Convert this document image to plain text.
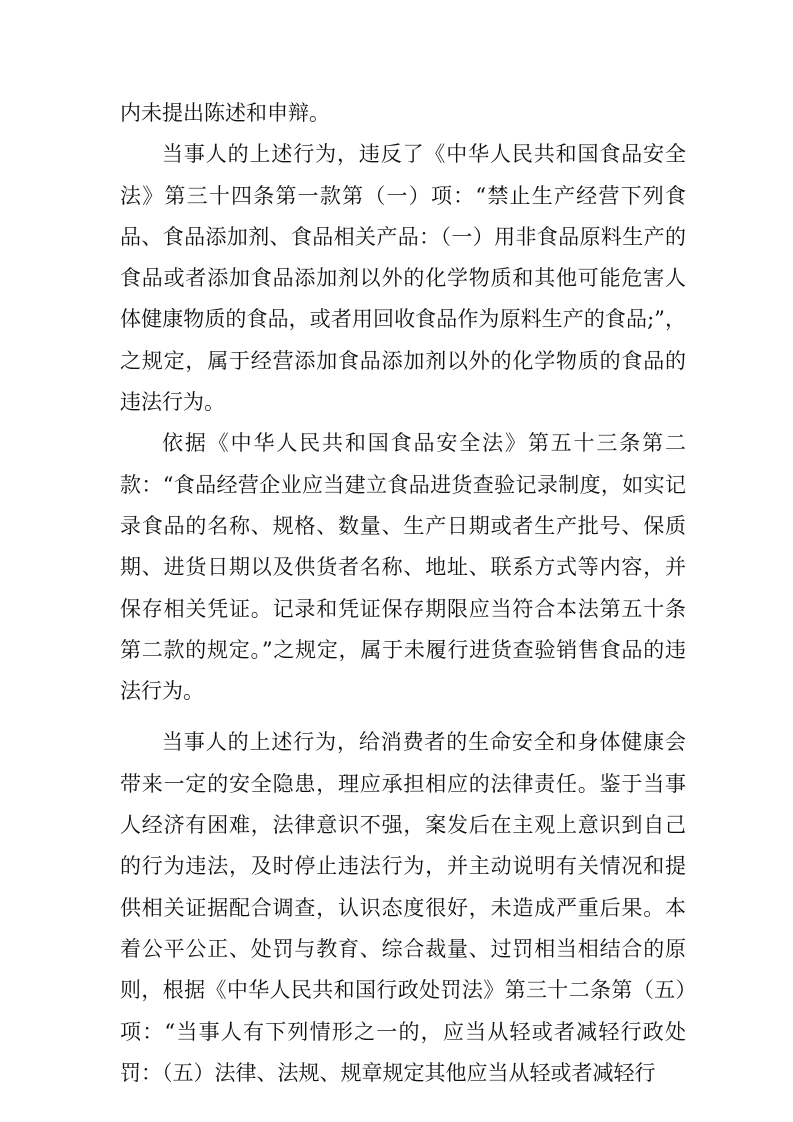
内未提出陈述和申辩。

当事人的上述行为，违反了《中华人民共和国食品安全法》第三十四条第一款第（一）项：“禁止生产经营下列食品、食品添加剂、食品相关产品：（一）用非食品原料生产的食品或者添加食品添加剂以外的化学物质和其他可能危害人体健康物质的食品，或者用回收食品作为原料生产的食品;”，之规定，属于经营添加食品添加剂以外的化学物质的食品的违法行为。

依据《中华人民共和国食品安全法》第五十三条第二款：“食品经营企业应当建立食品进货查验记录制度，如实记录食品的名称、规格、数量、生产日期或者生产批号、保质期、进货日期以及供货者名称、地址、联系方式等内容，并保存相关凭证。记录和凭证保存期限应当符合本法第五十条第二款的规定。”之规定，属于未履行进货查验销售食品的违法行为。

当事人的上述行为，给消费者的生命安全和身体健康会带来一定的安全隐患，理应承担相应的法律责任。鉴于当事人经济有困难，法律意识不强，案发后在主观上意识到自己的行为违法，及时停止违法行为，并主动说明有关情况和提供相关证据配合调查，认识态度很好，未造成严重后果。本着公平公正、处罚与教育、综合裁量、过罚相当相结合的原则，根据《中华人民共和国行政处罚法》第三十二条第（五）项：“当事人有下列情形之一的，应当从轻或者减轻行政处罚：（五）法律、法规、规章规定其他应当从轻或者减轻行
